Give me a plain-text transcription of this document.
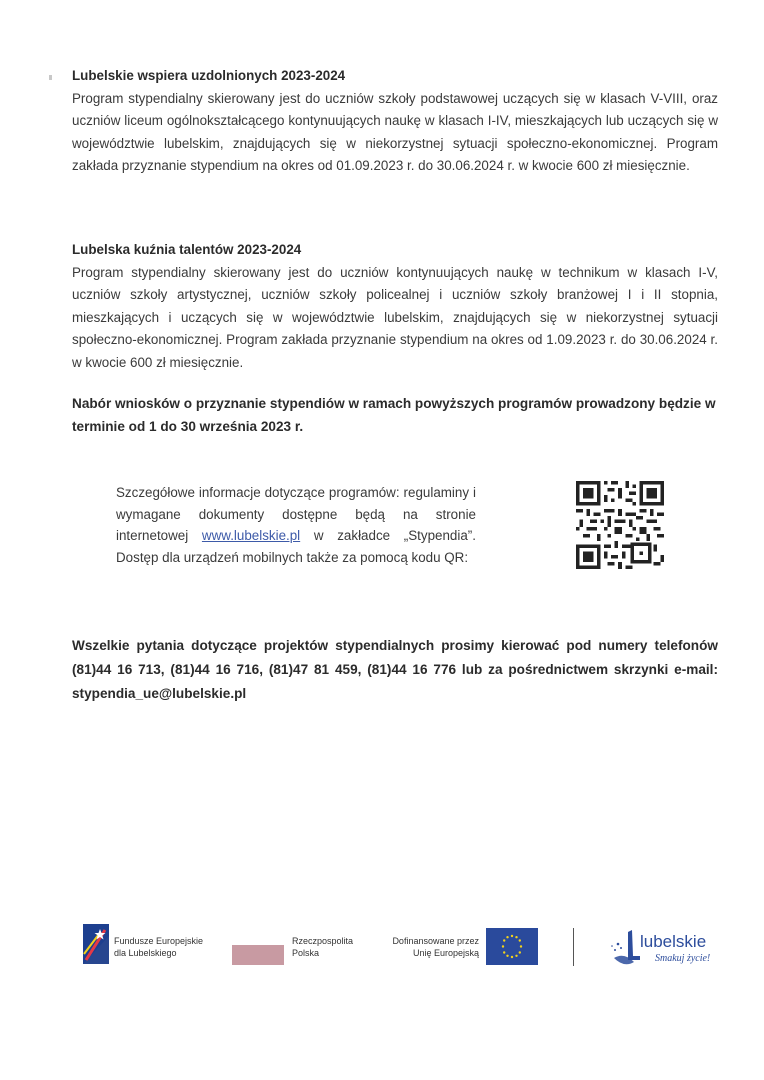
Lubelskie wspiera uzdolnionych 2023-2024
Program stypendialny skierowany jest do uczniów szkoły podstawowej uczących się w klasach V-VIII, oraz uczniów liceum ogólnokształcącego kontynuujących naukę w klasach I-IV, mieszkających lub uczących się w województwie lubelskim, znajdujących się w niekorzystnej sytuacji społeczno-ekonomicznej. Program zakłada przyznanie stypendium na okres od 01.09.2023 r. do 30.06.2024 r. w kwocie 600 zł miesięcznie.
Lubelska kuźnia talentów 2023-2024
Program stypendialny skierowany jest do uczniów kontynuujących naukę w technikum w klasach I-V, uczniów szkoły artystycznej, uczniów szkoły policealnej i uczniów szkoły branżowej I i II stopnia, mieszkających i uczących się w województwie lubelskim, znajdujących się w niekorzystnej sytuacji społeczno-ekonomicznej. Program zakłada przyznanie stypendium na okres od 1.09.2023 r. do 30.06.2024 r. w kwocie 600 zł miesięcznie.
Nabór wniosków o przyznanie stypendiów w ramach powyższych programów prowadzony będzie w terminie od 1 do 30 września 2023 r.
Szczegółowe informacje dotyczące programów: regulaminy i wymagane dokumenty dostępne będą na stronie internetowej www.lubelskie.pl w zakładce „Stypendia”. Dostęp dla urządzeń mobilnych także za pomocą kodu QR:
Wszelkie pytania dotyczące projektów stypendialnych prosimy kierować pod numery telefonów (81)44 16 713, (81)44 16 716, (81)47 81 459, (81)44 16 776 lub za pośrednictwem skrzynki e-mail: stypendia_ue@lubelskie.pl
Fundusze Europejskie
dla Lubelskiego
Rzeczpospolita
Polska
Dofinansowane przez
Unię Europejską
lubelskie
Smakuj życie!
